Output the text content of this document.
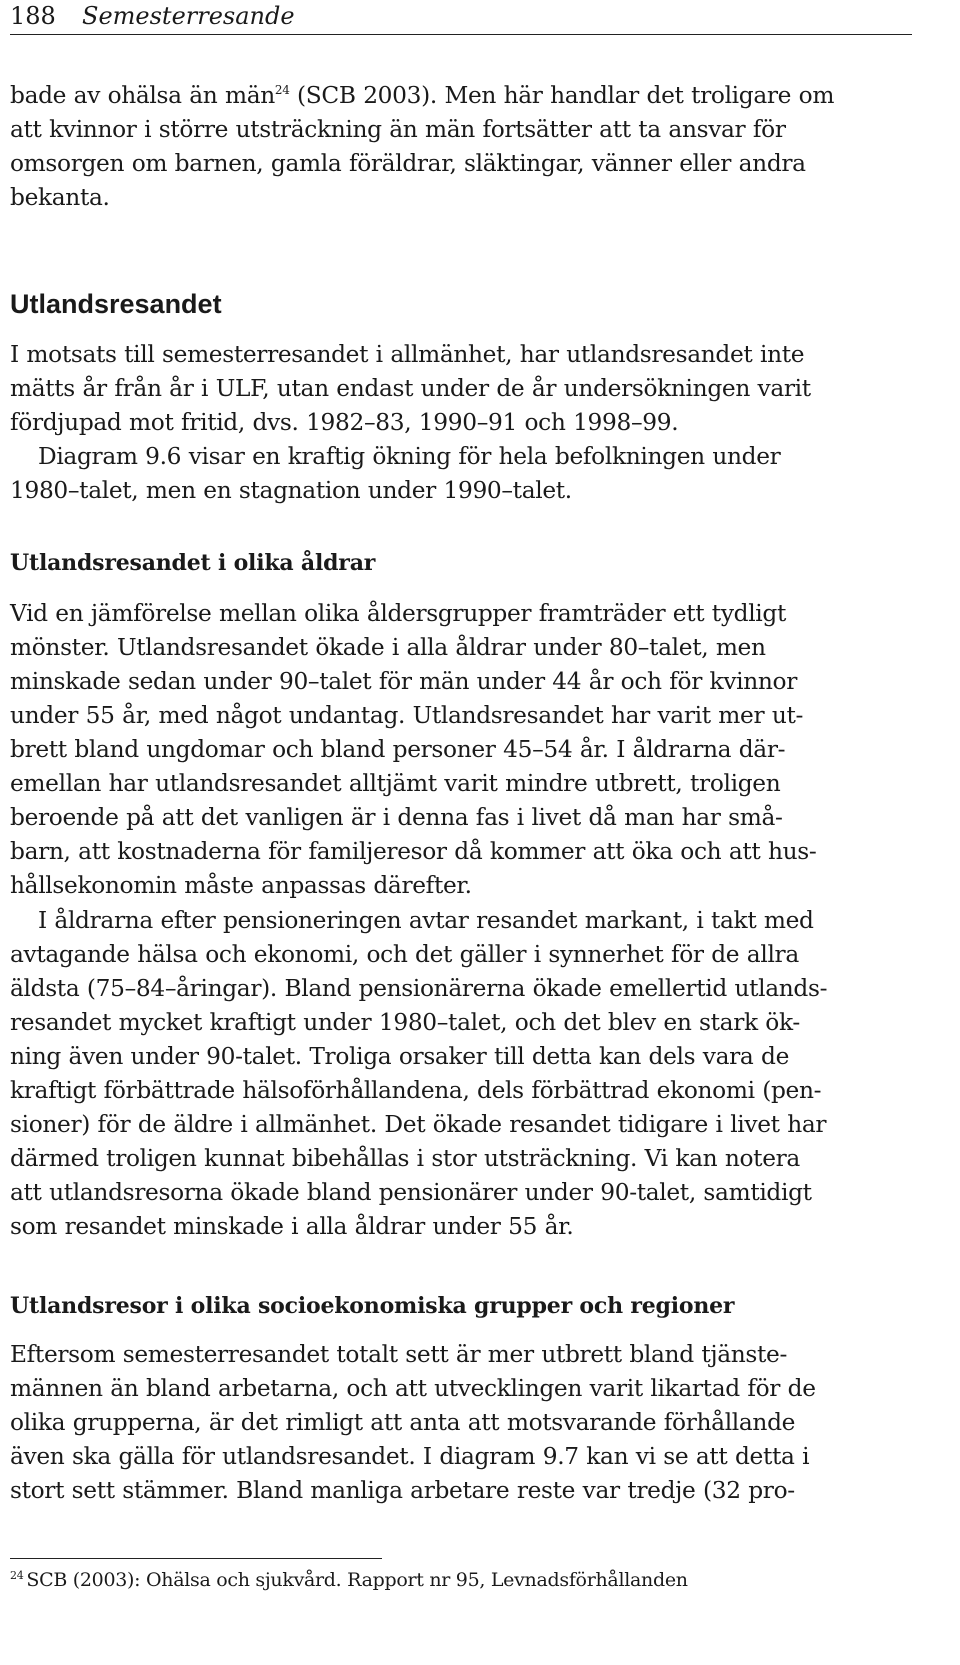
188 Semesterresande

bade av ohälsa än män$^{24}$ (SCB 2003). Men här handlar det troligare om
att kvinnor i större utsträckning än män fortsätter att ta ansvar för
omsorgen om barnen, gamla föräldrar, släktingar, vänner eller andra
bekanta.

Utlandsresandet

I motsats till semesterresandet i allmänhet, har utlandsresandet inte
mätts år från år i ULF, utan endast under de år undersökningen varit
fördjupad mot fritid, dvs. 1982–83, 1990–91 och 1998–99.
Diagram 9.6 visar en kraftig ökning för hela befolkningen under
1980–talet, men en stagnation under 1990–talet.

Utlandsresandet i olika åldrar

Vid en jämförelse mellan olika åldersgrupper framträder ett tydligt
mönster. Utlandsresandet ökade i alla åldrar under 80–talet, men
minskade sedan under 90–talet för män under 44 år och för kvinnor
under 55 år, med något undantag. Utlandsresandet har varit mer ut-
brett bland ungdomar och bland personer 45–54 år. I åldrarna där-
emellan har utlandsresandet alltjämt varit mindre utbrett, troligen
beroende på att det vanligen är i denna fas i livet då man har små-
barn, att kostnaderna för familjeresor då kommer att öka och att hus-
hållsekonomin måste anpassas därefter.

I åldrarna efter pensioneringen avtar resandet markant, i takt med
avtagande hälsa och ekonomi, och det gäller i synnerhet för de allra
äldsta (75–84–åringar). Bland pensionärerna ökade emellertid utlands-
resandet mycket kraftigt under 1980–talet, och det blev en stark ök-
ning även under 90-talet. Troliga orsaker till detta kan dels vara de
kraftigt förbättrade hälsoförhållandena, dels förbättrad ekonomi (pen-
sioner) för de äldre i allmänhet. Det ökade resandet tidigare i livet har
därmed troligen kunnat bibehållas i stor utsträckning. Vi kan notera
att utlandsresorna ökade bland pensionärer under 90-talet, samtidigt
som resandet minskade i alla åldrar under 55 år.

Utlandsresor i olika socioekonomiska grupper och regioner

Eftersom semesterresandet totalt sett är mer utbrett bland tjänste-
männen än bland arbetarna, och att utvecklingen varit likartad för de
olika grupperna, är det rimligt att anta att motsvarande förhållande
även ska gälla för utlandsresandet. I diagram 9.7 kan vi se att detta i
stort sett stämmer. Bland manliga arbetare reste var tredje (32 pro-

$^{24}$ SCB (2003): Ohälsa och sjukvård. Rapport nr 95, Levnadsförhållanden
